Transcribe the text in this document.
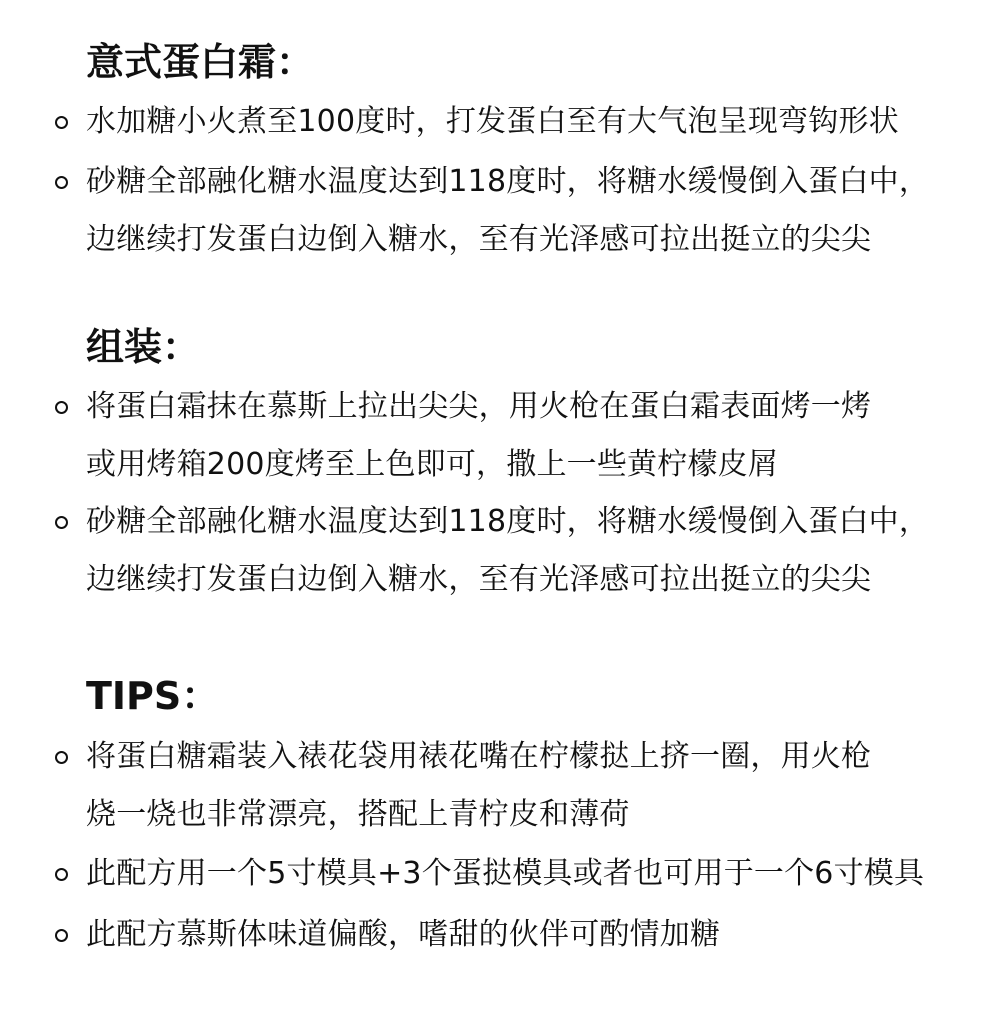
意式蛋白霜：
水加糖小火煮至100度时，打发蛋白至有大气泡呈现弯钩形状
砂糖全部融化糖水温度达到118度时，将糖水缓慢倒入蛋白中，
边继续打发蛋白边倒入糖水，至有光泽感可拉出挺立的尖尖
组装：
将蛋白霜抹在慕斯上拉出尖尖，用火枪在蛋白霜表面烤一烤
或用烤箱200度烤至上色即可，撒上一些黄柠檬皮屑
砂糖全部融化糖水温度达到118度时，将糖水缓慢倒入蛋白中，
边继续打发蛋白边倒入糖水，至有光泽感可拉出挺立的尖尖
TIPS：
将蛋白糖霜装入裱花袋用裱花嘴在柠檬挞上挤一圈，用火枪
烧一烧也非常漂亮，搭配上青柠皮和薄荷
此配方用一个5寸模具+3个蛋挞模具或者也可用于一个6寸模具
此配方慕斯体味道偏酸，嗜甜的伙伴可酌情加糖
